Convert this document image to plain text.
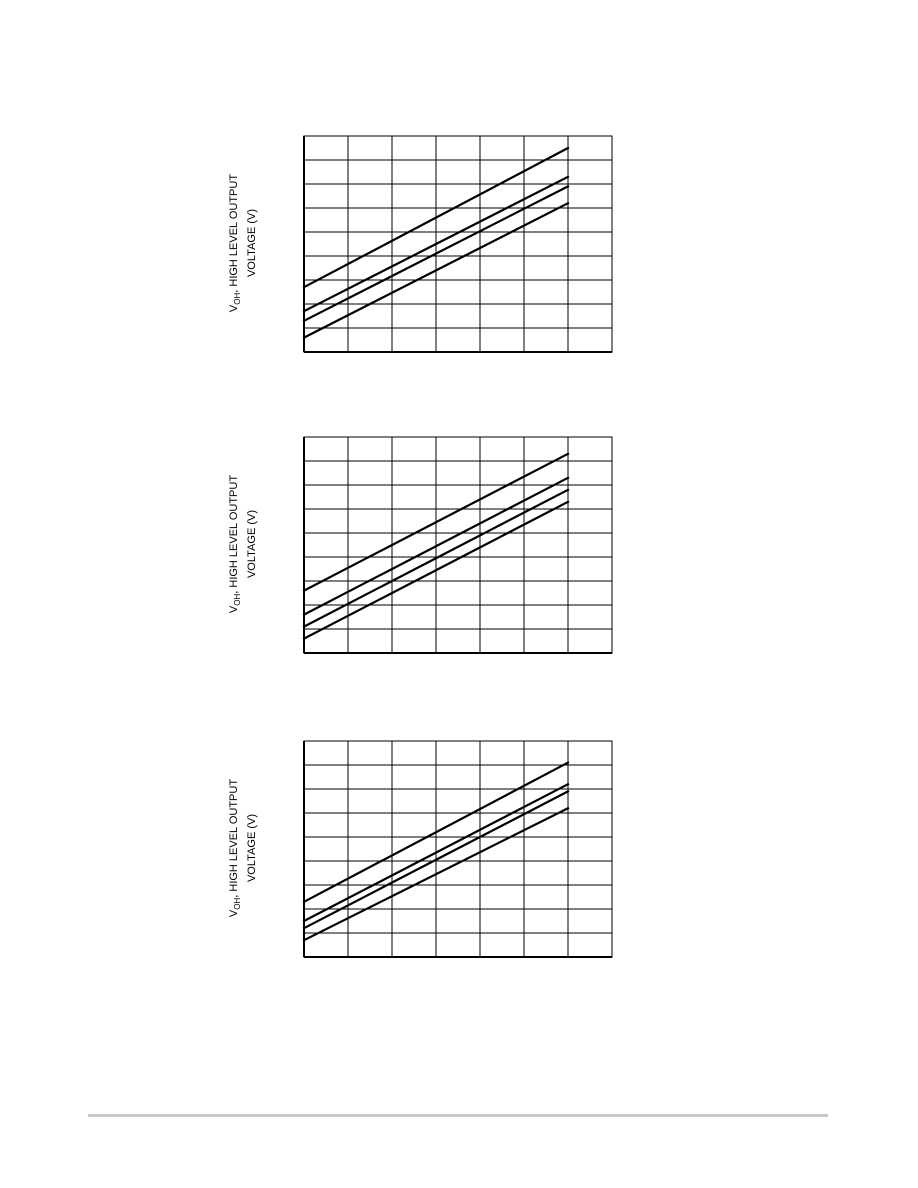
$V_{OH}$, HIGH LEVEL OUTPUT VOLTAGE (V)
$V_{OH}$, HIGH LEVEL OUTPUT VOLTAGE (V)
$V_{OH}$, HIGH LEVEL OUTPUT VOLTAGE (V)
